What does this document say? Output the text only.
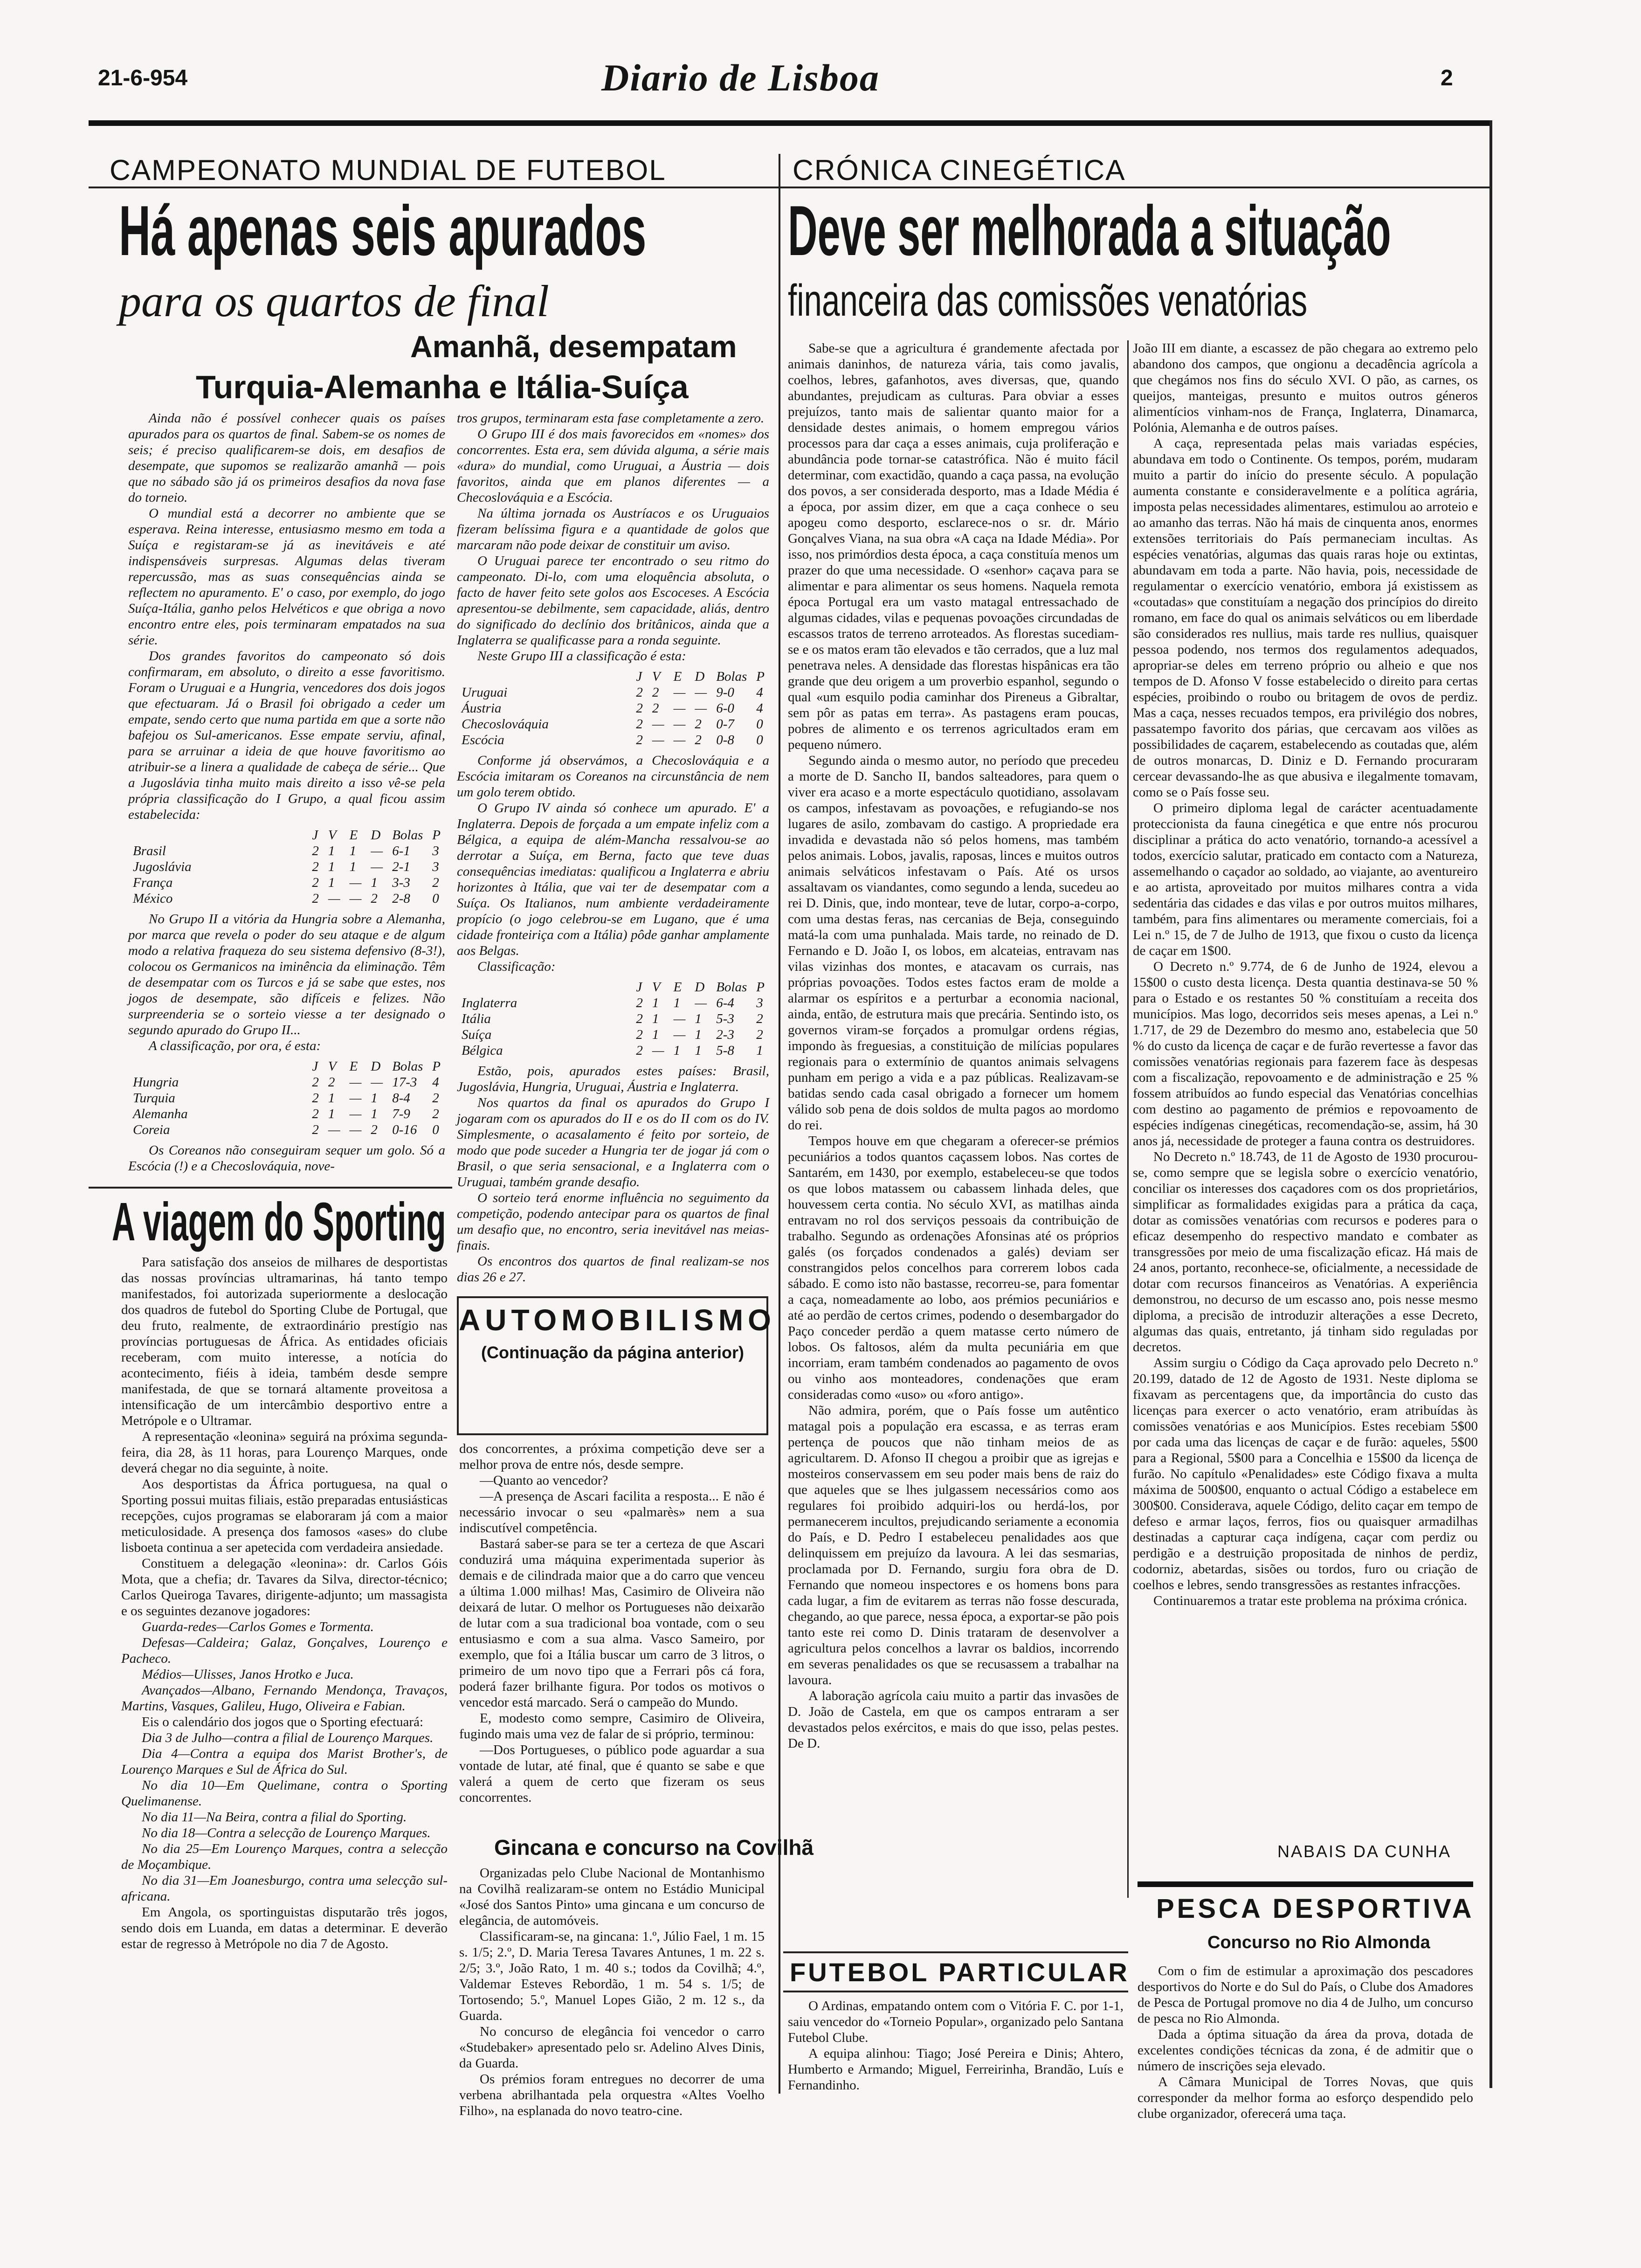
21-6-954	Diario de Lisboa	2
CAMPEONATO MUNDIAL DE FUTEBOL
Há apenas seis apurados
para os quartos de final
Amanhã, desempatam
Turquia-Alemanha e Itália-Suíça

Ainda não é possível conhecer quais os países apurados para os quartos de final. Sabem-se os nomes de seis; é preciso qualificarem-se dois, em desafios de desempate, que supomos se realizarão amanhã — pois que no sábado são já os primeiros desafios da nova fase do torneio.

O mundial está a decorrer no ambiente que se esperava. Reina interesse, entusiasmo mesmo em toda a Suíça e registaram-se já as inevitáveis e até indispensáveis surpresas. Algumas delas tiveram repercussão, mas as suas consequências ainda se reflectem no apuramento. E' o caso, por exemplo, do jogo Suíça-Itália, ganho pelos Helvéticos e que obriga a novo encontro entre eles, pois terminaram empatados na sua série.

Dos grandes favoritos do campeonato só dois confirmaram, em absoluto, o direito a esse favoritismo. Foram o Uruguai e a Hungria, vencedores dos dois jogos que efectuaram. Já o Brasil foi obrigado a ceder um empate, sendo certo que numa partida em que a sorte não bafejou os Sul-americanos. Esse empate serviu, afinal, para se arruinar a ideia de que houve favoritismo ao atribuir-se a linera a qualidade de cabeça de série... Que a Jugoslávia tinha muito mais direito a isso vê-se pela própria classificação do I Grupo, a qual ficou assim estabelecida:

	J	V	E	D	Bolas	P
Brasil	2	1	1	—	6-1	3
Jugoslávia	2	1	1	—	2-1	3
França	2	1	—	1	3-3	2
México	2	—	—	2	2-8	0

No Grupo II a vitória da Hungria sobre a Alemanha, por marca que revela o poder do seu ataque e de algum modo a relativa fraqueza do seu sistema defensivo (8-3!), colocou os Germanicos na iminência da eliminação. Têm de desempatar com os Turcos e já se sabe que estes, nos jogos de desempate, são difíceis e felizes. Não surpreenderia se o sorteio viesse a ter designado o segundo apurado do Grupo II...

A classificação, por ora, é esta:

	J	V	E	D	Bolas	P
Hungria	2	2	—	—	17-3	4
Turquia	2	1	—	1	8-4	2
Alemanha	2	1	—	1	7-9	2
Coreia	2	—	—	2	0-16	0

Os Coreanos não conseguiram sequer um golo. Só a Escócia (!) e a Checoslováquia, nove-

tros grupos, terminaram esta fase completamente a zero.

O Grupo III é dos mais favorecidos em «nomes» dos concorrentes. Esta era, sem dúvida alguma, a série mais «dura» do mundial, como Uruguai, a Áustria — dois favoritos, ainda que em planos diferentes — a Checoslováquia e a Escócia.

Na última jornada os Austríacos e os Uruguaios fizeram belíssima figura e a quantidade de golos que marcaram não pode deixar de constituir um aviso.

O Uruguai parece ter encontrado o seu ritmo do campeonato. Di-lo, com uma eloquência absoluta, o facto de haver feito sete golos aos Escoceses. A Escócia apresentou-se debilmente, sem capacidade, aliás, dentro do significado do declínio dos britânicos, ainda que a Inglaterra se qualificasse para a ronda seguinte.

Neste Grupo III a classificação é esta:

	J	V	E	D	Bolas	P
Uruguai	2	2	—	—	9-0	4
Áustria	2	2	—	—	6-0	4
Checoslováquia	2	—	—	2	0-7	0
Escócia	2	—	—	2	0-8	0

Conforme já observámos, a Checoslováquia e a Escócia imitaram os Coreanos na circunstância de nem um golo terem obtido.

O Grupo IV ainda só conhece um apurado. E' a Inglaterra. Depois de forçada a um empate infeliz com a Bélgica, a equipa de além-Mancha ressalvou-se ao derrotar a Suíça, em Berna, facto que teve duas consequências imediatas: qualificou a Inglaterra e abriu horizontes à Itália, que vai ter de desempatar com a Suíça. Os Italianos, num ambiente verdadeiramente propício (o jogo celebrou-se em Lugano, que é uma cidade fronteiriça com a Itália) pôde ganhar amplamente aos Belgas.

Classificação:

	J	V	E	D	Bolas	P
Inglaterra	2	1	1	—	6-4	3
Itália	2	1	—	1	5-3	2
Suíça	2	1	—	1	2-3	2
Bélgica	2	—	1	1	5-8	1

Estão, pois, apurados estes países: Brasil, Jugoslávia, Hungria, Uruguai, Áustria e Inglaterra.

Nos quartos da final os apurados do Grupo I jogaram com os apurados do II e os do II com os do IV. Simplesmente, o acasalamento é feito por sorteio, de modo que pode suceder a Hungria ter de jogar já com o Brasil, o que seria sensacional, e a Inglaterra com o Uruguai, também grande desafio.

O sorteio terá enorme influência no seguimento da competição, podendo antecipar para os quartos de final um desafio que, no encontro, seria inevitável nas meias-finais.

Os encontros dos quartos de final realizam-se nos dias 26 e 27.

A viagem do Sporting

Para satisfação dos anseios de milhares de desportistas das nossas províncias ultramarinas, há tanto tempo manifestados, foi autorizada superiormente a deslocação dos quadros de futebol do Sporting Clube de Portugal, que deu fruto, realmente, de extraordinário prestígio nas províncias portuguesas de África. As entidades oficiais receberam, com muito interesse, a notícia do acontecimento, fiéis à ideia, também desde sempre manifestada, de que se tornará altamente proveitosa a intensificação de um intercâmbio desportivo entre a Metrópole e o Ultramar.

A representação «leonina» seguirá na próxima segunda-feira, dia 28, às 11 horas, para Lourenço Marques, onde deverá chegar no dia seguinte, à noite.

Aos desportistas da África portuguesa, na qual o Sporting possui muitas filiais, estão preparadas entusiásticas recepções, cujos programas se elaboraram já com a maior meticulosidade. A presença dos famosos «ases» do clube lisboeta continua a ser apetecida com verdadeira ansiedade.

Constituem a delegação «leonina»: dr. Carlos Góis Mota, que a chefia; dr. Tavares da Silva, director-técnico; Carlos Queiroga Tavares, dirigente-adjunto; um massagista e os seguintes dezanove jogadores:

Guarda-redes—Carlos Gomes e Tormenta.

Defesas—Caldeira; Galaz, Gonçalves, Lourenço e Pacheco.

Médios—Ulisses, Janos Hrotko e Juca.

Avançados—Albano, Fernando Mendonça, Travaços, Martins, Vasques, Galileu, Hugo, Oliveira e Fabian.

Eis o calendário dos jogos que o Sporting efectuará:

Dia 3 de Julho—contra a filial de Lourenço Marques.

Dia 4—Contra a equipa dos Marist Brother's, de Lourenço Marques e Sul de África do Sul.

No dia 10—Em Quelimane, contra o Sporting Quelimanense.

No dia 11—Na Beira, contra a filial do Sporting.

No dia 18—Contra a selecção de Lourenço Marques.

No dia 25—Em Lourenço Marques, contra a selecção de Moçambique.

No dia 31—Em Joanesburgo, contra uma selecção sul-africana.

Em Angola, os sportinguistas disputarão três jogos, sendo dois em Luanda, em datas a determinar. E deverão estar de regresso à Metrópole no dia 7 de Agosto.

AUTOMOBILISMO
(Continuação da página anterior)

dos concorrentes, a próxima competição deve ser a melhor prova de entre nós, desde sempre.

—Quanto ao vencedor?

—A presença de Ascari facilita a resposta... E não é necessário invocar o seu «palmarès» nem a sua indiscutível competência.

Bastará saber-se para se ter a certeza de que Ascari conduzirá uma máquina experimentada superior às demais e de cilindrada maior que a do carro que venceu a última 1.000 milhas! Mas, Casimiro de Oliveira não deixará de lutar. O melhor os Portugueses não deixarão de lutar com a sua tradicional boa vontade, com o seu entusiasmo e com a sua alma. Vasco Sameiro, por exemplo, que foi a Itália buscar um carro de 3 litros, o primeiro de um novo tipo que a Ferrari pôs cá fora, poderá fazer brilhante figura. Por todos os motivos o vencedor está marcado. Será o campeão do Mundo.

E, modesto como sempre, Casimiro de Oliveira, fugindo mais uma vez de falar de si próprio, terminou:

—Dos Portugueses, o público pode aguardar a sua vontade de lutar, até final, que é quanto se sabe e que valerá a quem de certo que fizeram os seus concorrentes.

Gincana e concurso na Covilhã

Organizadas pelo Clube Nacional de Montanhismo na Covilhã realizaram-se ontem no Estádio Municipal «José dos Santos Pinto» uma gincana e um concurso de elegância, de automóveis.

Classificaram-se, na gincana: 1.º, Júlio Fael, 1 m. 15 s. 1/5; 2.º, D. Maria Teresa Tavares Antunes, 1 m. 22 s. 2/5; 3.º, João Rato, 1 m. 40 s.; todos da Covilhã; 4.º, Valdemar Esteves Rebordão, 1 m. 54 s. 1/5; de Tortosendo; 5.º, Manuel Lopes Gião, 2 m. 12 s., da Guarda.

No concurso de elegância foi vencedor o carro «Studebaker» apresentado pelo sr. Adelino Alves Dinis, da Guarda.

Os prémios foram entregues no decorrer de uma verbena abrilhantada pela orquestra «Altes Voelho Filho», na esplanada do novo teatro-cine.

CRÓNICA CINEGÉTICA
Deve ser melhorada a situação
financeira das comissões venatórias

Sabe-se que a agricultura é grandemente afectada por animais daninhos, de natureza vária, tais como javalis, coelhos, lebres, gafanhotos, aves diversas, que, quando abundantes, prejudicam as culturas. Para obviar a esses prejuízos, tanto mais de salientar quanto maior for a densidade destes animais, o homem empregou vários processos para dar caça a esses animais, cuja proliferação e abundância pode tornar-se catastrófica. Não é muito fácil determinar, com exactidão, quando a caça passa, na evolução dos povos, a ser considerada desporto, mas a Idade Média é a época, por assim dizer, em que a caça conhece o seu apogeu como desporto, esclarece-nos o sr. dr. Mário Gonçalves Viana, na sua obra «A caça na Idade Média». Por isso, nos primórdios desta época, a caça constituía menos um prazer do que uma necessidade. O «senhor» caçava para se alimentar e para alimentar os seus homens. Naquela remota época Portugal era um vasto matagal entressachado de algumas cidades, vilas e pequenas povoações circundadas de escassos tratos de terreno arroteados. As florestas sucediam-se e os matos eram tão elevados e tão cerrados, que a luz mal penetrava neles. A densidade das florestas hispânicas era tão grande que deu origem a um proverbio espanhol, segundo o qual «um esquilo podia caminhar dos Pireneus a Gibraltar, sem pôr as patas em terra». As pastagens eram poucas, pobres de alimento e os terrenos agricultados eram em pequeno número.

Segundo ainda o mesmo autor, no período que precedeu a morte de D. Sancho II, bandos salteadores, para quem o viver era acaso e a morte espectáculo quotidiano, assolavam os campos, infestavam as povoações, e refugiando-se nos lugares de asilo, zombavam do castigo. A propriedade era invadida e devastada não só pelos homens, mas também pelos animais. Lobos, javalis, raposas, linces e muitos outros animais selváticos infestavam o País. Até os ursos assaltavam os viandantes, como segundo a lenda, sucedeu ao rei D. Dinis, que, indo montear, teve de lutar, corpo-a-corpo, com uma destas feras, nas cercanias de Beja, conseguindo matá-la com uma punhalada. Mais tarde, no reinado de D. Fernando e D. João I, os lobos, em alcateias, entravam nas vilas vizinhas dos montes, e atacavam os currais, nas próprias povoações. Todos estes factos eram de molde a alarmar os espíritos e a perturbar a economia nacional, ainda, então, de estrutura mais que precária. Sentindo isto, os governos viram-se forçados a promulgar ordens régias, impondo às freguesias, a constituição de milícias populares regionais para o extermínio de quantos animais selvagens punham em perigo a vida e a paz públicas. Realizavam-se batidas sendo cada casal obrigado a fornecer um homem válido sob pena de dois soldos de multa pagos ao mordomo do rei.

Tempos houve em que chegaram a oferecer-se prémios pecuniários a todos quantos caçassem lobos. Nas cortes de Santarém, em 1430, por exemplo, estabeleceu-se que todos os que lobos matassem ou cabassem linhada deles, que houvessem certa contia. No século XVI, as matilhas ainda entravam no rol dos serviços pessoais da contribuição de trabalho. Segundo as ordenações Afonsinas até os próprios galés (os forçados condenados a galés) deviam ser constrangidos pelos concelhos para correrem lobos cada sábado. E como isto não bastasse, recorreu-se, para fomentar a caça, nomeadamente ao lobo, aos prémios pecuniários e até ao perdão de certos crimes, podendo o desembargador do Paço conceder perdão a quem matasse certo número de lobos. Os faltosos, além da multa pecuniária em que incorriam, eram também condenados ao pagamento de ovos ou vinho aos monteadores, condenações que eram consideradas como «uso» ou «foro antigo».

Não admira, porém, que o País fosse um autêntico matagal pois a população era escassa, e as terras eram pertença de poucos que não tinham meios de as agricultarem. D. Afonso II chegou a proibir que as igrejas e mosteiros conservassem em seu poder mais bens de raiz do que aqueles que se lhes julgassem necessários como aos regulares foi proibido adquiri-los ou herdá-los, por permanecerem incultos, prejudicando seriamente a economia do País, e D. Pedro I estabeleceu penalidades aos que delinquissem em prejuízo da lavoura. A lei das sesmarias, proclamada por D. Fernando, surgiu fora obra de D. Fernando que nomeou inspectores e os homens bons para cada lugar, a fim de evitarem as terras não fosse descurada, chegando, ao que parece, nessa época, a exportar-se pão pois tanto este rei como D. Dinis trataram de desenvolver a agricultura pelos concelhos a lavrar os baldios, incorrendo em severas penalidades os que se recusassem a trabalhar na lavoura.

A laboração agrícola caiu muito a partir das invasões de D. João de Castela, em que os campos entraram a ser devastados pelos exércitos, e mais do que isso, pelas pestes. De D.

João III em diante, a escassez de pão chegara ao extremo pelo abandono dos campos, que ongionu a decadência agrícola a que chegámos nos fins do século XVI. O pão, as carnes, os queijos, manteigas, presunto e muitos outros géneros alimentícios vinham-nos de França, Inglaterra, Dinamarca, Polónia, Alemanha e de outros países.

A caça, representada pelas mais variadas espécies, abundava em todo o Continente. Os tempos, porém, mudaram muito a partir do início do presente século. A população aumenta constante e consideravelmente e a política agrária, imposta pelas necessidades alimentares, estimulou ao arroteio e ao amanho das terras. Não há mais de cinquenta anos, enormes extensões territoriais do País permaneciam incultas. As espécies venatórias, algumas das quais raras hoje ou extintas, abundavam em toda a parte. Não havia, pois, necessidade de regulamentar o exercício venatório, embora já existissem as «coutadas» que constituíam a negação dos princípios do direito romano, em face do qual os animais selváticos ou em liberdade são considerados res nullius, mais tarde res nullius, quaisquer pessoa podendo, nos termos dos regulamentos adequados, apropriar-se deles em terreno próprio ou alheio e que nos tempos de D. Afonso V fosse estabelecido o direito para certas espécies, proibindo o roubo ou britagem de ovos de perdiz. Mas a caça, nesses recuados tempos, era privilégio dos nobres, passatempo favorito dos párias, que cercavam aos vilões as possibilidades de caçarem, estabelecendo as coutadas que, além de outros monarcas, D. Diniz e D. Fernando procuraram cercear devassando-lhe as que abusiva e ilegalmente tomavam, como se o País fosse seu.

O primeiro diploma legal de carácter acentuadamente proteccionista da fauna cinegética e que entre nós procurou disciplinar a prática do acto venatório, tornando-a acessível a todos, exercício salutar, praticado em contacto com a Natureza, assemelhando o caçador ao soldado, ao viajante, ao aventureiro e ao artista, aproveitado por muitos milhares contra a vida sedentária das cidades e das vilas e por outros muitos milhares, também, para fins alimentares ou meramente comerciais, foi a Lei n.º 15, de 7 de Julho de 1913, que fixou o custo da licença de caçar em 1$00.

O Decreto n.º 9.774, de 6 de Junho de 1924, elevou a 15$00 o custo desta licença. Desta quantia destinava-se 50 % para o Estado e os restantes 50 % constituíam a receita dos municípios. Mas logo, decorridos seis meses apenas, a Lei n.º 1.717, de 29 de Dezembro do mesmo ano, estabelecia que 50 % do custo da licença de caçar e de furão revertesse a favor das comissões venatórias regionais para fazerem face às despesas com a fiscalização, repovoamento e de administração e 25 % fossem atribuídos ao fundo especial das Venatórias concelhias com destino ao pagamento de prémios e repovoamento de espécies indígenas cinegéticas, recomendação-se, assim, há 30 anos já, necessidade de proteger a fauna contra os destruidores.

No Decreto n.º 18.743, de 11 de Agosto de 1930 procurou-se, como sempre que se legisla sobre o exercício venatório, conciliar os interesses dos caçadores com os dos proprietários, simplificar as formalidades exigidas para a prática da caça, dotar as comissões venatórias com recursos e poderes para o eficaz desempenho do respectivo mandato e combater as transgressões por meio de uma fiscalização eficaz. Há mais de 24 anos, portanto, reconhece-se, oficialmente, a necessidade de dotar com recursos financeiros as Venatórias. A experiência demonstrou, no decurso de um escasso ano, pois nesse mesmo diploma, a precisão de introduzir alterações a esse Decreto, algumas das quais, entretanto, já tinham sido reguladas por decretos.

Assim surgiu o Código da Caça aprovado pelo Decreto n.º 20.199, datado de 12 de Agosto de 1931. Neste diploma se fixavam as percentagens que, da importância do custo das licenças para exercer o acto venatório, eram atribuídas às comissões venatórias e aos Municípios. Estes recebiam 5$00 por cada uma das licenças de caçar e de furão: aqueles, 5$00 para a Regional, 5$00 para a Concelhia e 15$00 da licença de furão. No capítulo «Penalidades» este Código fixava a multa máxima de 500$00, enquanto o actual Código a estabelece em 300$00. Considerava, aquele Código, delito caçar em tempo de defeso e armar laços, ferros, fios ou quaisquer armadilhas destinadas a capturar caça indígena, caçar com perdiz ou perdigão e a destruição propositada de ninhos de perdiz, codorniz, abetardas, sisões ou tordos, furo ou criação de coelhos e lebres, sendo transgressões as restantes infracções.

Continuaremos a tratar este problema na próxima crónica.

NABAIS DA CUNHA
PESCA DESPORTIVA
Concurso no Rio Almonda

Com o fim de estimular a aproximação dos pescadores desportivos do Norte e do Sul do País, o Clube dos Amadores de Pesca de Portugal promove no dia 4 de Julho, um concurso de pesca no Rio Almonda.

Dada a óptima situação da área da prova, dotada de excelentes condições técnicas da zona, é de admitir que o número de inscrições seja elevado.

A Câmara Municipal de Torres Novas, que quis corresponder da melhor forma ao esforço despendido pelo clube organizador, oferecerá uma taça.

FUTEBOL PARTICULAR

O Ardinas, empatando ontem com o Vitória F. C. por 1-1, saiu vencedor do «Torneio Popular», organizado pelo Santana Futebol Clube.

A equipa alinhou: Tiago; José Pereira e Dinis; Ahtero, Humberto e Armando; Miguel, Ferreirinha, Brandão, Luís e Fernandinho.
